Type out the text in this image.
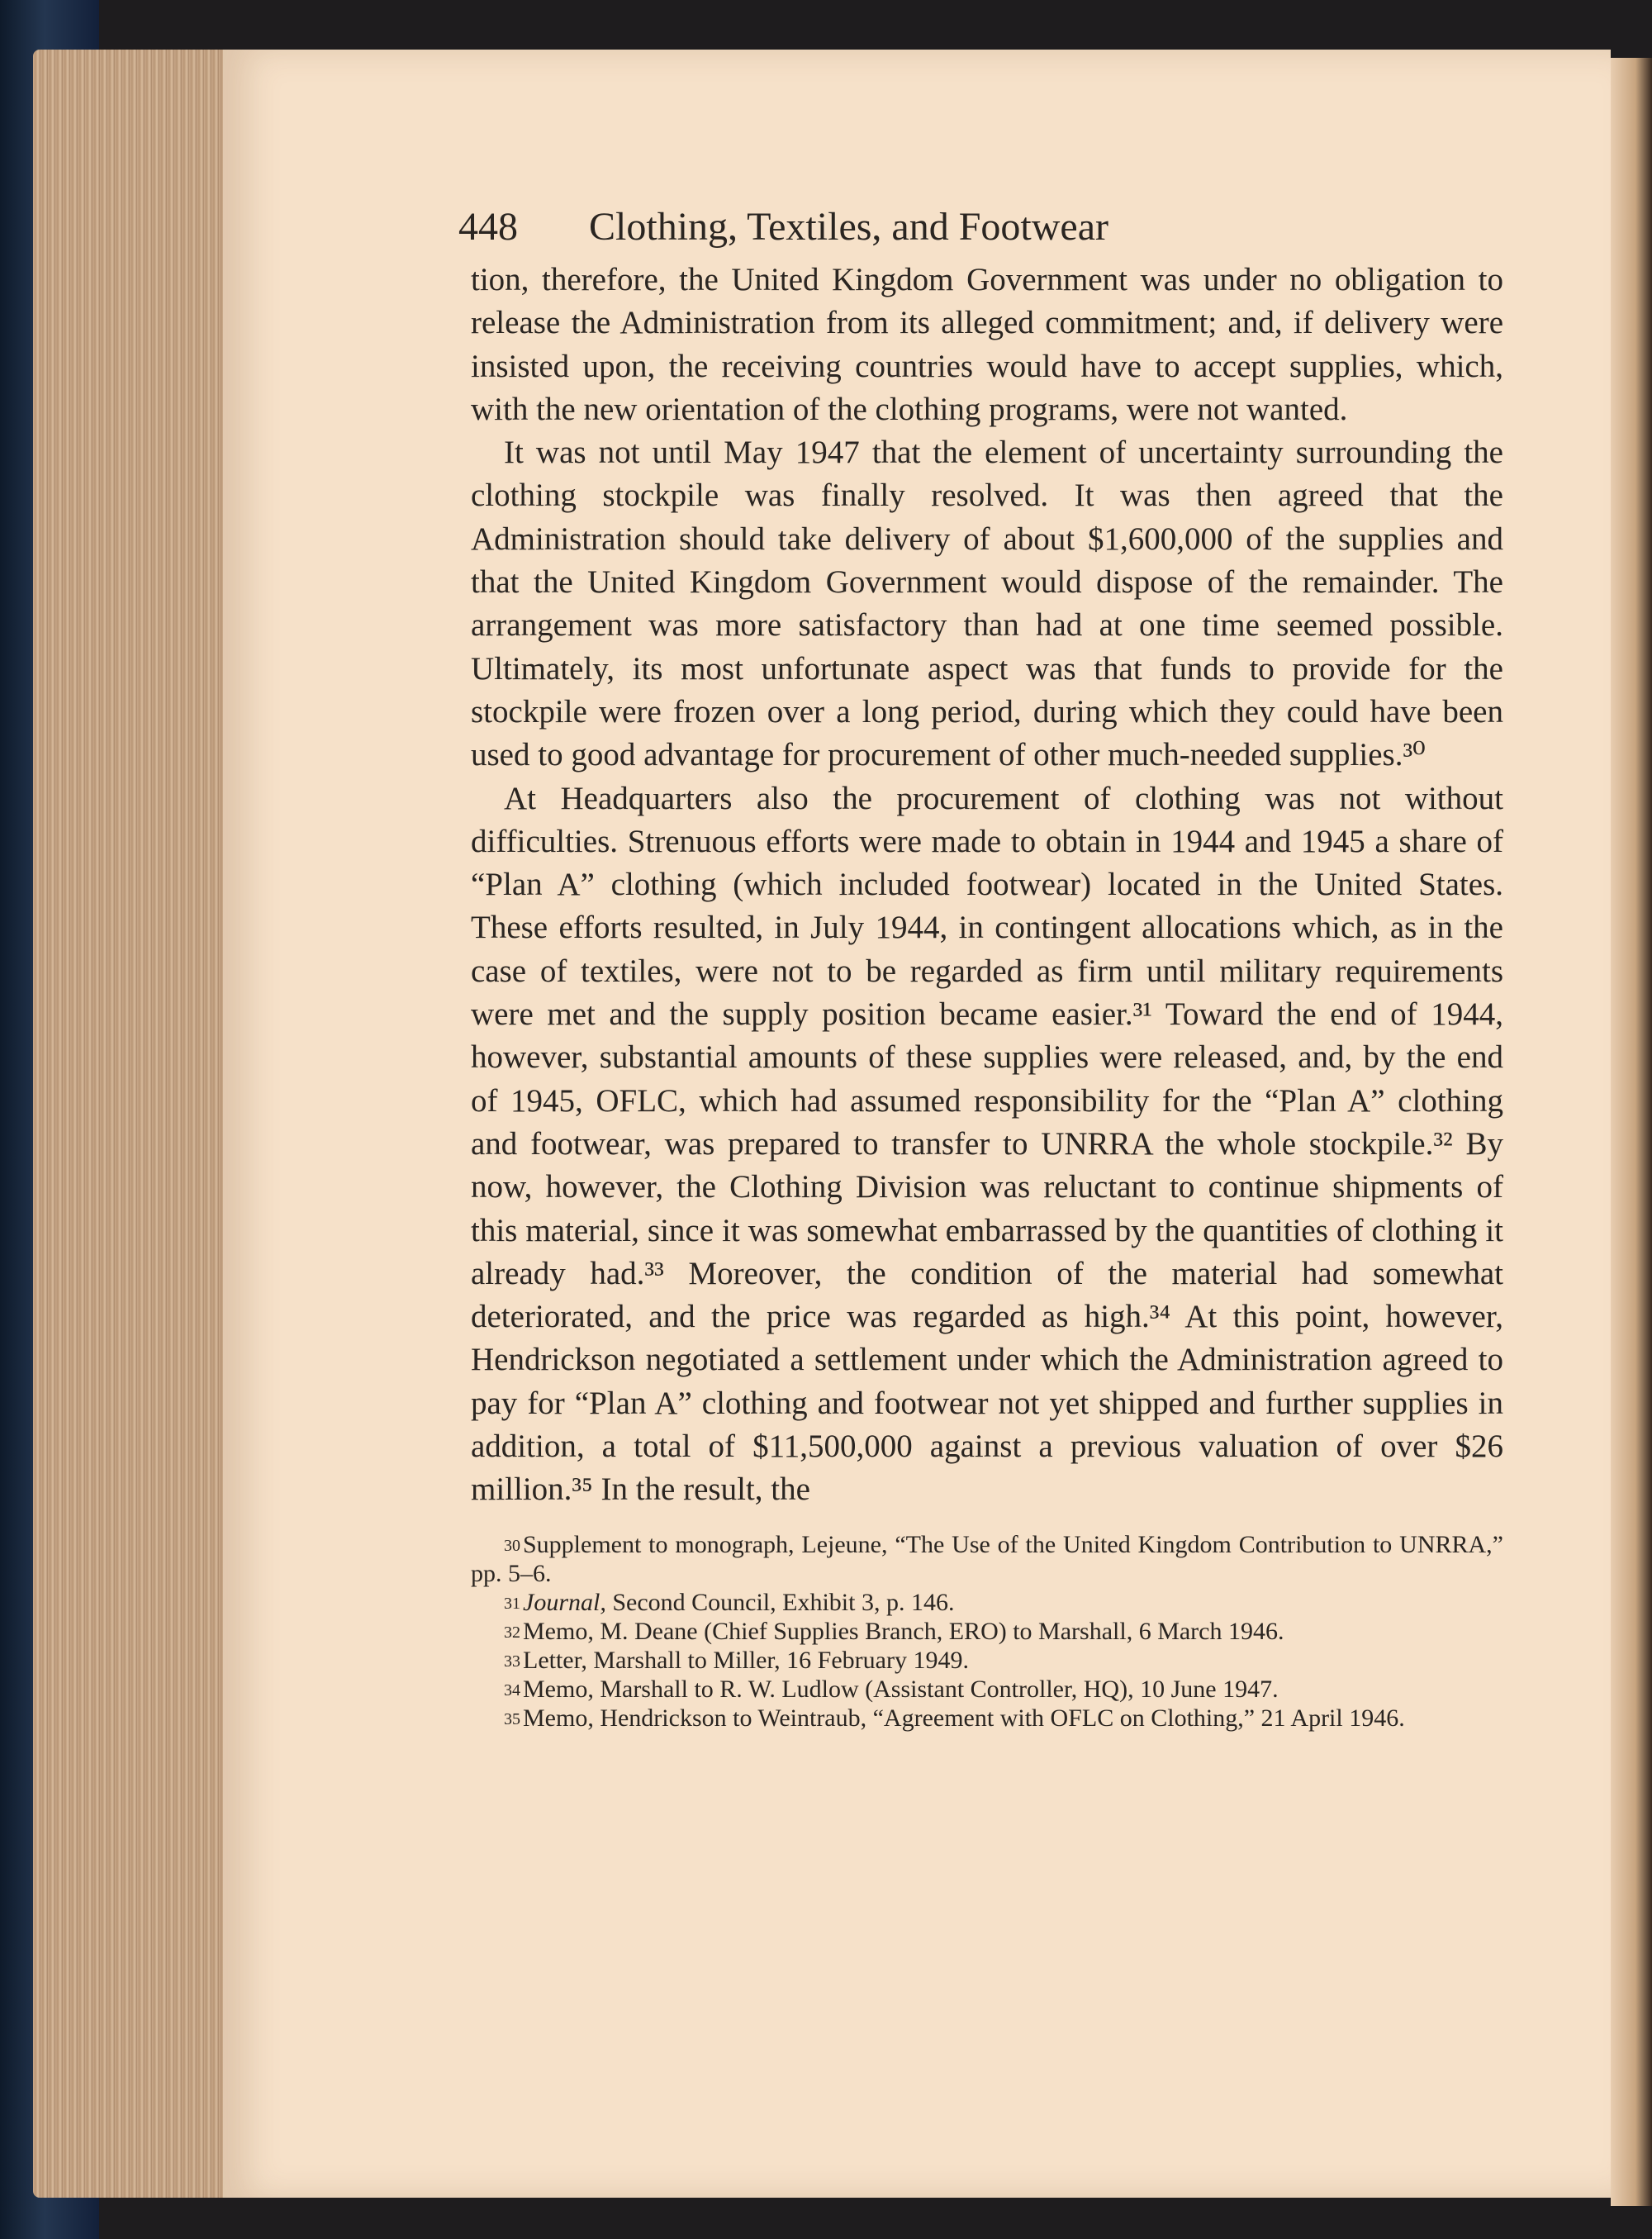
448	Clothing, Textiles, and Footwear

tion, therefore, the United Kingdom Government was under no obligation to release the Administration from its alleged commitment; and, if delivery were insisted upon, the receiving countries would have to accept supplies, which, with the new orientation of the clothing programs, were not wanted.

It was not until May 1947 that the element of uncertainty surrounding the clothing stockpile was finally resolved. It was then agreed that the Administration should take delivery of about $1,600,000 of the supplies and that the United Kingdom Government would dispose of the remainder. The arrangement was more satisfactory than had at one time seemed possible. Ultimately, its most unfortunate aspect was that funds to provide for the stockpile were frozen over a long period, during which they could have been used to good advantage for procurement of other much-needed supplies.³⁰

At Headquarters also the procurement of clothing was not without difficulties. Strenuous efforts were made to obtain in 1944 and 1945 a share of “Plan A” clothing (which included footwear) located in the United States. These efforts resulted, in July 1944, in contingent allocations which, as in the case of textiles, were not to be regarded as firm until military requirements were met and the supply position became easier.³¹ Toward the end of 1944, however, substantial amounts of these supplies were released, and, by the end of 1945, OFLC, which had assumed responsibility for the “Plan A” clothing and footwear, was prepared to transfer to UNRRA the whole stockpile.³² By now, however, the Clothing Division was reluctant to continue shipments of this material, since it was somewhat embarrassed by the quantities of clothing it already had.³³ Moreover, the condition of the material had somewhat deteriorated, and the price was regarded as high.³⁴ At this point, however, Hendrickson negotiated a settlement under which the Administration agreed to pay for “Plan A” clothing and footwear not yet shipped and further supplies in addition, a total of $11,500,000 against a previous valuation of over $26 million.³⁵ In the result, the

$^{30}$ Supplement to monograph, Lejeune, “The Use of the United Kingdom Contribution to UNRRA,” pp. 5–6.

$^{31}$ Journal, Second Council, Exhibit 3, p. 146.

$^{32}$ Memo, M. Deane (Chief Supplies Branch, ERO) to Marshall, 6 March 1946.

$^{33}$ Letter, Marshall to Miller, 16 February 1949.

$^{34}$ Memo, Marshall to R. W. Ludlow (Assistant Controller, HQ), 10 June 1947.

$^{35}$ Memo, Hendrickson to Weintraub, “Agreement with OFLC on Clothing,” 21 April 1946.
